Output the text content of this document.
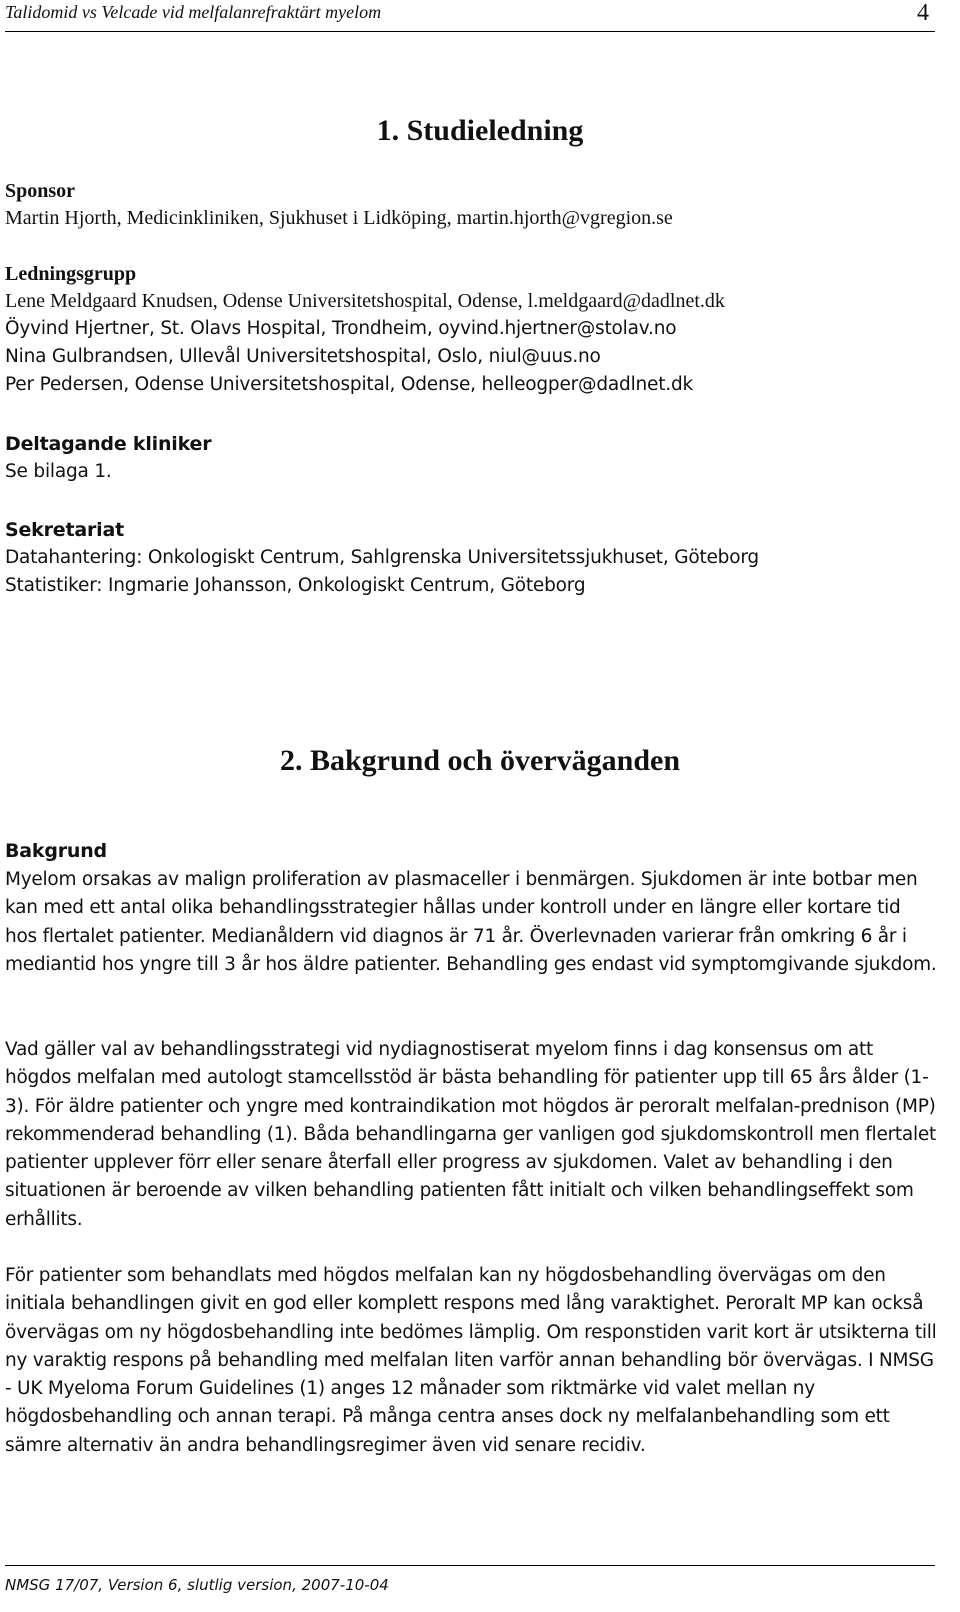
Talidomid vs Velcade vid melfalanrefraktärt myelom	4
1. Studieledning

Sponsor

Martin Hjorth, Medicinkliniken, Sjukhuset i Lidköping, martin.hjorth@vgregion.se

Ledningsgrupp

Lene Meldgaard Knudsen, Odense Universitetshospital, Odense, l.meldgaard@dadlnet.dk

Öyvind Hjertner, St. Olavs Hospital, Trondheim, oyvind.hjertner@stolav.no

Nina Gulbrandsen, Ullevål Universitetshospital, Oslo, niul@uus.no

Per Pedersen, Odense Universitetshospital, Odense, helleogper@dadlnet.dk

Deltagande kliniker

Se bilaga 1.

Sekretariat

Datahantering: Onkologiskt Centrum, Sahlgrenska Universitetssjukhuset, Göteborg

Statistiker: Ingmarie Johansson, Onkologiskt Centrum, Göteborg

2. Bakgrund och överväganden

Bakgrund

Myelom orsakas av malign proliferation av plasmaceller i benmärgen. Sjukdomen är inte botbar men kan med ett antal olika behandlingsstrategier hållas under kontroll under en längre eller kortare tid hos flertalet patienter. Medianåldern vid diagnos är 71 år. Överlevnaden varierar från omkring 6 år i mediantid hos yngre till 3 år hos äldre patienter. Behandling ges endast vid symptomgivande sjukdom.

Vad gäller val av behandlingsstrategi vid nydiagnostiserat myelom finns i dag konsensus om att högdos melfalan med autologt stamcellsstöd är bästa behandling för patienter upp till 65 års ålder (1-3). För äldre patienter och yngre med kontraindikation mot högdos är peroralt melfalan-prednison (MP) rekommenderad behandling (1). Båda behandlingarna ger vanligen god sjukdomskontroll men flertalet patienter upplever förr eller senare återfall eller progress av sjukdomen. Valet av behandling i den situationen är beroende av vilken behandling patienten fått initialt och vilken behandlingseffekt som erhållits.

För patienter som behandlats med högdos melfalan kan ny högdosbehandling övervägas om den initiala behandlingen givit en god eller komplett respons med lång varaktighet. Peroralt MP kan också övervägas om ny högdosbehandling inte bedömes lämplig. Om responstiden varit kort är utsikterna till ny varaktig respons på behandling med melfalan liten varför annan behandling bör övervägas. I NMSG - UK Myeloma Forum Guidelines (1) anges 12 månader som riktmärke vid valet mellan ny högdosbehandling och annan terapi. På många centra anses dock ny melfalanbehandling som ett sämre alternativ än andra behandlingsregimer även vid senare recidiv.

NMSG 17/07, Version 6, slutlig version, 2007-10-04
